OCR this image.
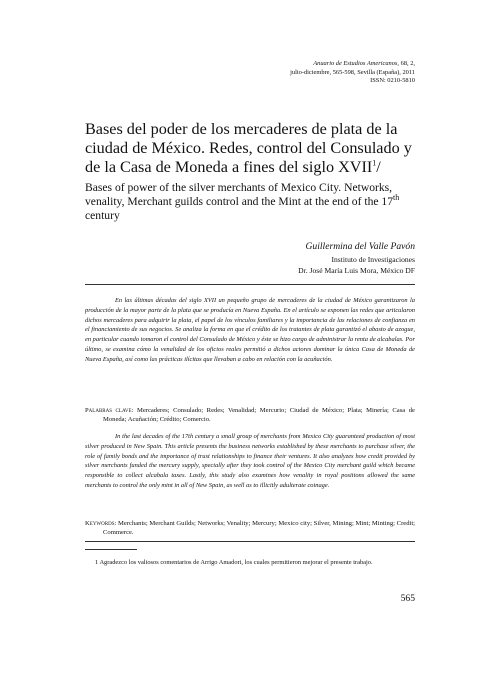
Anuario de Estudios Americanos, 68, 2,
julio-diciembre, 565-598, Sevilla (España), 2011
ISSN: 0210-5810
Bases del poder de los mercaderes de plata de la ciudad de México. Redes, control del Consulado y de la Casa de Moneda a fines del siglo XVII$^1$/
Bases of power of the silver merchants of Mexico City. Networks, venality, Merchant guilds control and the Mint at the end of the 17th century
Guillermina del Valle Pavón
Instituto de Investigaciones
Dr. José María Luis Mora, México DF

En las últimas décadas del siglo XVII un pequeño grupo de mercaderes de la ciudad de México garantizaron la producción de la mayor parte de la plata que se producía en Nueva España. En el artículo se exponen las redes que articularon dichos mercaderes para adquirir la plata, el papel de los vínculos familiares y la importancia de las relaciones de confianza en el financiamiento de sus negocios. Se analiza la forma en que el crédito de los tratantes de plata garantizó el abasto de azogue, en particular cuando tomaron el control del Consulado de México y éste se hizo cargo de administrar la renta de alcabalas. Por último, se examina cómo la venalidad de los oficios reales permitió a dichos actores dominar la única Casa de Moneda de Nueva España, así como las prácticas ilícitas que llevaban a cabo en relación con la acuñación.

Palabras clave: Mercaderes; Consulado; Redes; Venalidad; Mercurio; Ciudad de México; Plata; Minería; Casa de Moneda; Acuñación; Crédito; Comercio.

In the last decades of the 17th century a small group of merchants from Mexico City guaranteed production of most silver produced in New Spain. This article presents the business networks established by these merchants to purchase silver, the role of family bonds and the importance of trust relationships to finance their ventures. It also analyzes how credit provided by silver merchants funded the mercury supply, specially after they took control of the Mexico City merchant guild which became responsible to collect alcabala taxes. Lastly, this study also examines how venality in royal positions allowed the same merchants to control the only mint in all of New Spain, as well as to illicitly adulterate coinage.

Keywords: Merchants; Merchant Guilds; Networks; Venality; Mercury; Mexico city; Silver, Mining; Mint; Minting; Credit; Commerce.

1 Agradezco los valiosos comentarios de Arrigo Amadori, los cuales permitieron mejorar el presente trabajo.

565
